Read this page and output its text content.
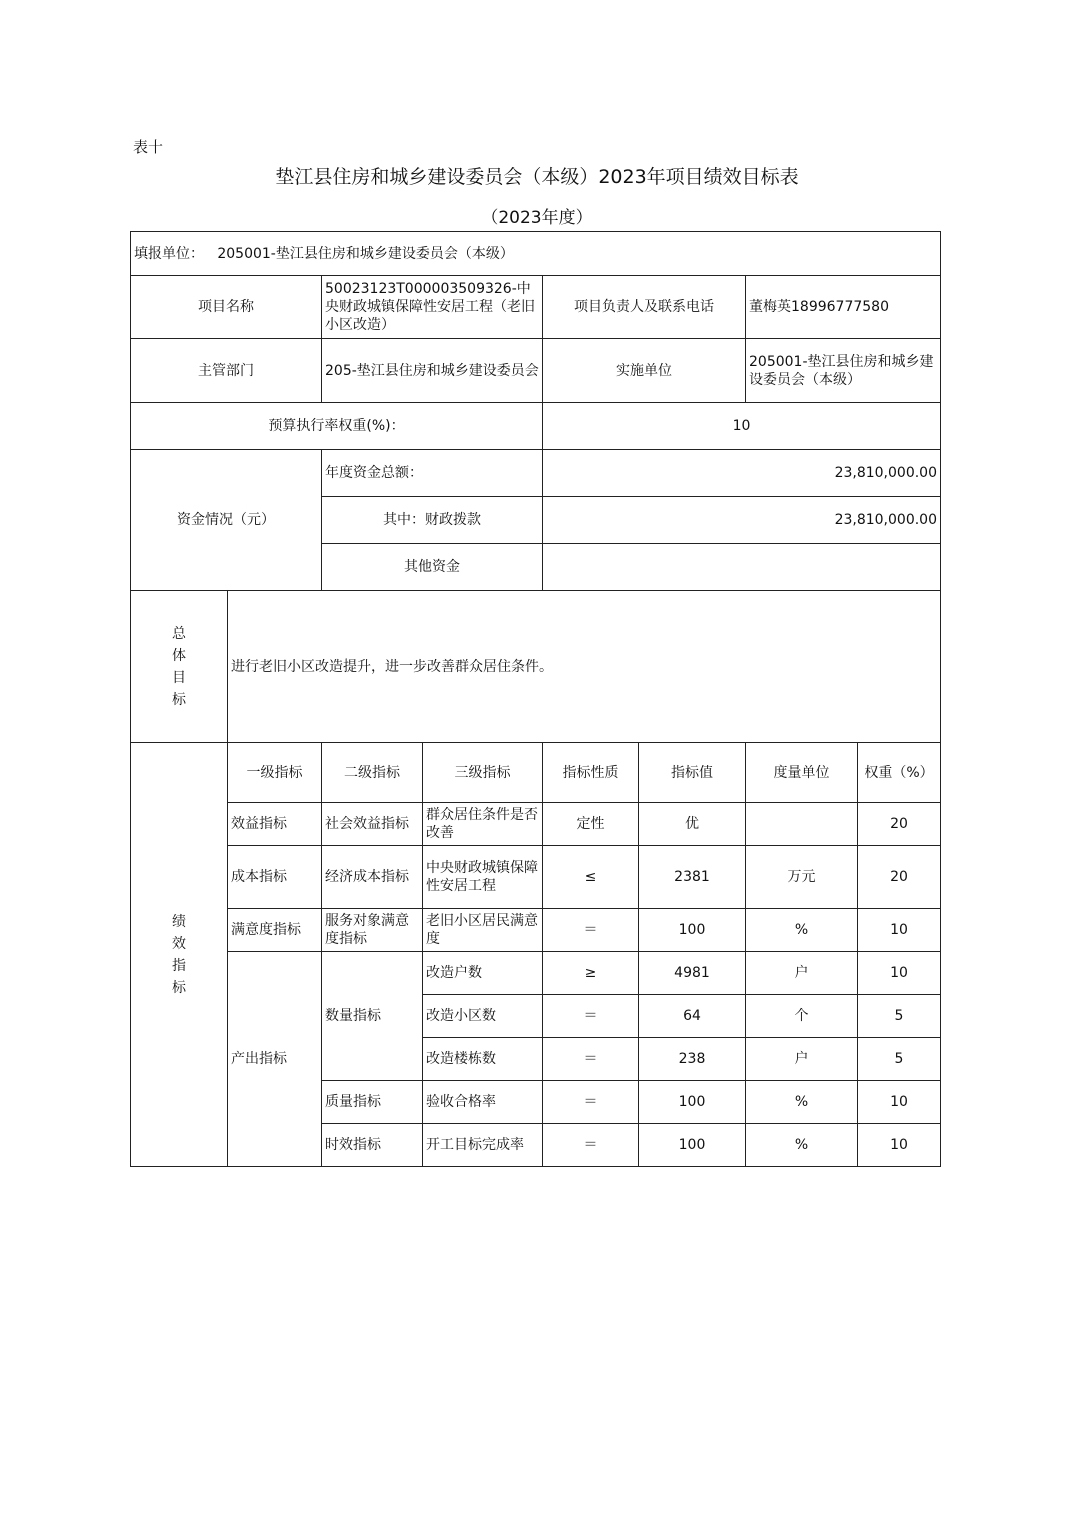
表十
垫江县住房和城乡建设委员会（本级）2023年项目绩效目标表
（2023年度）
填报单位： 205001-垫江县住房和城乡建设委员会（本级）							
项目名称		50023123T000003509326-中央财政城镇保障性安居工程（老旧小区改造）		项目负责人及联系电话		董梅英18996777580	
主管部门		205-垫江县住房和城乡建设委员会		实施单位		205001-垫江县住房和城乡建设委员会（本级）	
预算执行率权重(%)：				10			
资金情况（元）		年度资金总额：		23,810,000.00			
		其中：财政拨款		23,810,000.00			
		其他资金					

总
体
目
标	进行老旧小区改造提升，进一步改善群众居住条件。						

绩
效
指
标	一级指标	二级指标	三级指标	指标性质	指标值	度量单位	权重（%）
	效益指标	社会效益指标	群众居住条件是否改善	定性	优		20
	成本指标	经济成本指标	中央财政城镇保障性安居工程	≤	2381	万元	20
	满意度指标	服务对象满意度指标	老旧小区居民满意度	＝	100	%	10
	产出指标	数量指标	改造户数	≥	4981	户	10
			改造小区数	＝	64	个	5
			改造楼栋数	＝	238	户	5
		质量指标	验收合格率	＝	100	%	10
		时效指标	开工目标完成率	＝	100	%	10
